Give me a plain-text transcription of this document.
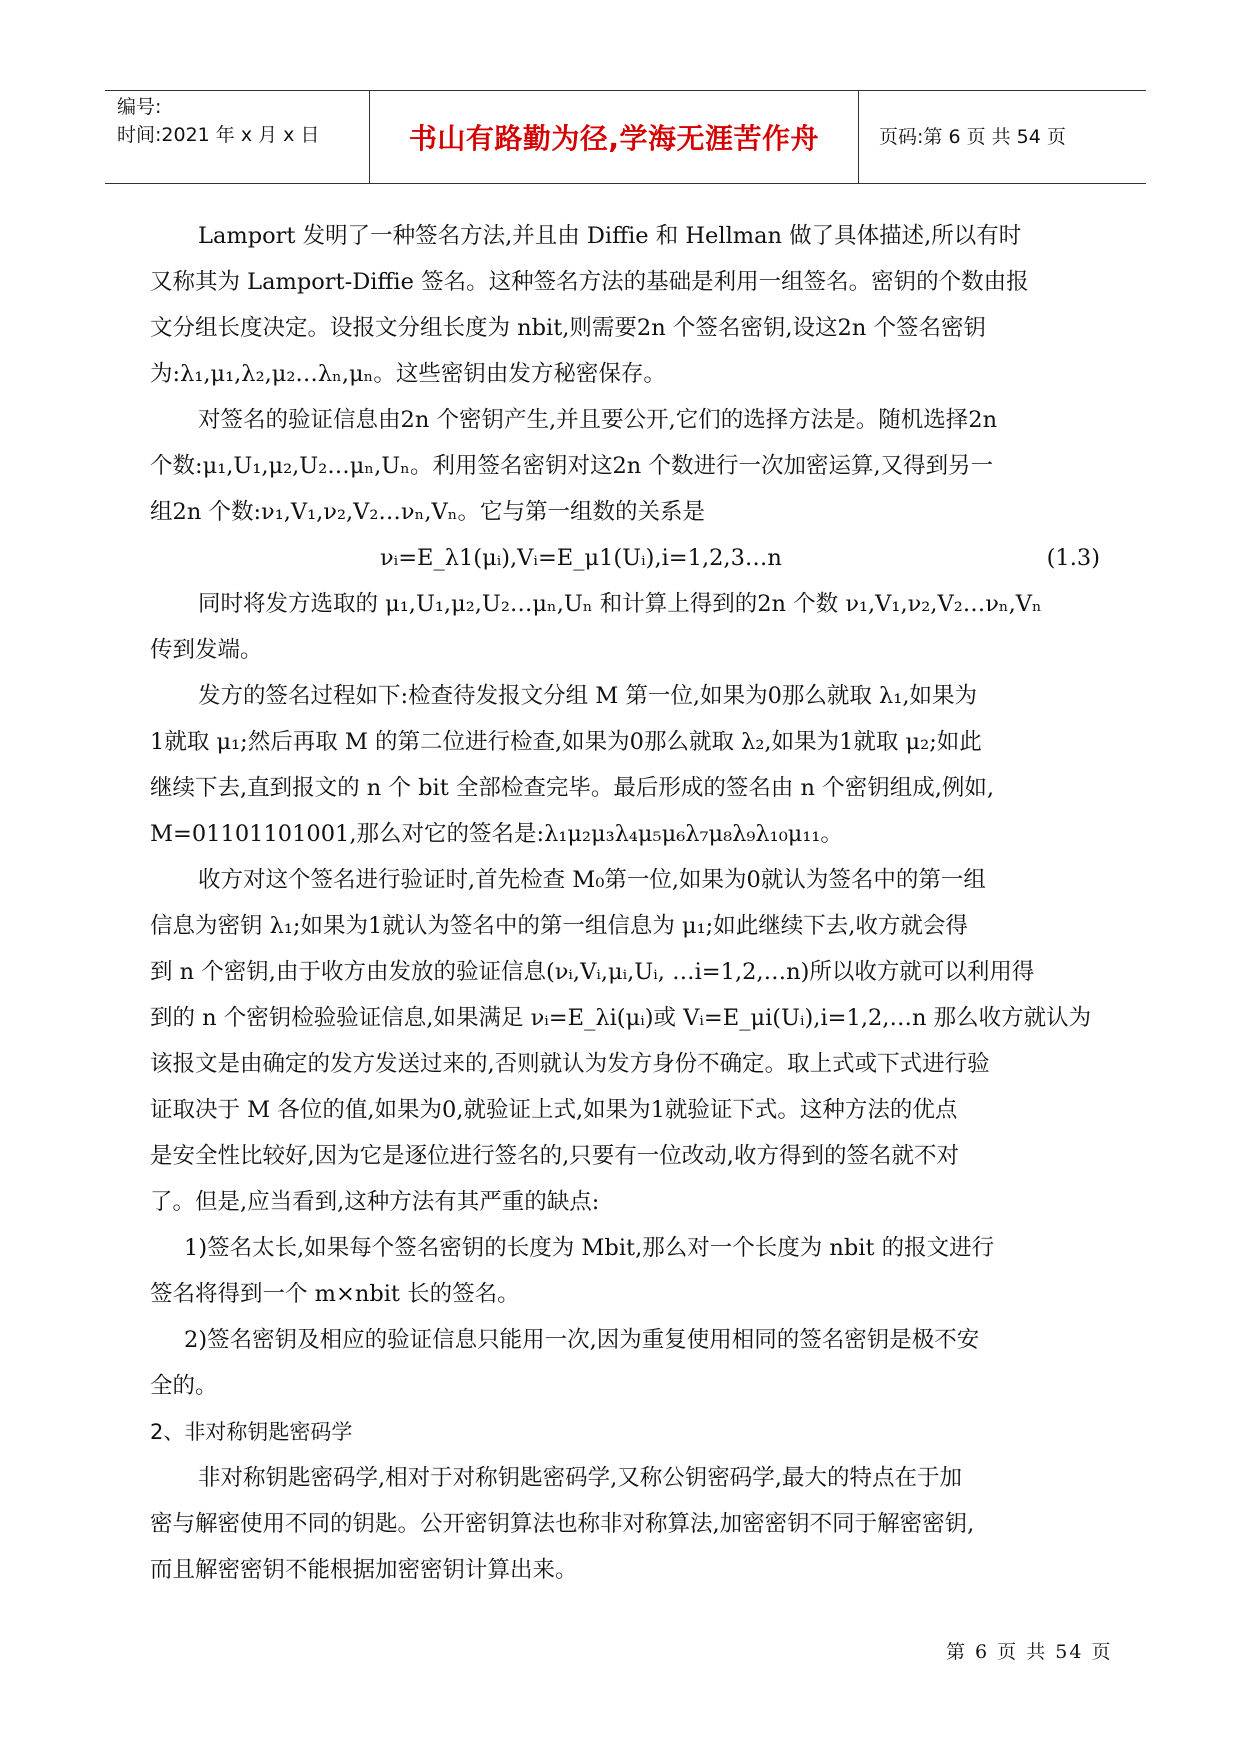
编号:
时间:2021 年 x 月 x 日	书山有路勤为径,学海无涯苦作舟	页码:第 6 页 共 54 页

Lamport 发明了一种签名方法,并且由 Diffie 和 Hellman 做了具体描述,所以有时

又称其为 Lamport-Diffie 签名。这种签名方法的基础是利用一组签名。密钥的个数由报

文分组长度决定。设报文分组长度为 nbit,则需要2n 个签名密钥,设这2n 个签名密钥

为:λ₁,μ₁,λ₂,μ₂…λₙ,μₙ。这些密钥由发方秘密保存。

对签名的验证信息由2n 个密钥产生,并且要公开,它们的选择方法是。随机选择2n

个数:μ₁,U₁,μ₂,U₂…μₙ,Uₙ。利用签名密钥对这2n 个数进行一次加密运算,又得到另一

组2n 个数:ν₁,V₁,ν₂,V₂…νₙ,Vₙ。它与第一组数的关系是

νᵢ=E_λ1(μᵢ),Vᵢ=E_μ1(Uᵢ),i=1,2,3…n	(1.3)

同时将发方选取的 μ₁,U₁,μ₂,U₂…μₙ,Uₙ 和计算上得到的2n 个数 ν₁,V₁,ν₂,V₂…νₙ,Vₙ

传到发端。

发方的签名过程如下:检查待发报文分组 M 第一位,如果为0那么就取 λ₁,如果为

1就取 μ₁;然后再取 M 的第二位进行检查,如果为0那么就取 λ₂,如果为1就取 μ₂;如此

继续下去,直到报文的 n 个 bit 全部检查完毕。最后形成的签名由 n 个密钥组成,例如,

M=01101101001,那么对它的签名是:λ₁μ₂μ₃λ₄μ₅μ₆λ₇μ₈λ₉λ₁₀μ₁₁。

收方对这个签名进行验证时,首先检查 M₀第一位,如果为0就认为签名中的第一组

信息为密钥 λ₁;如果为1就认为签名中的第一组信息为 μ₁;如此继续下去,收方就会得

到 n 个密钥,由于收方由发放的验证信息(νᵢ,Vᵢ,μᵢ,Uᵢ, …i=1,2,…n)所以收方就可以利用得

到的 n 个密钥检验验证信息,如果满足 νᵢ=E_λi(μᵢ)或 Vᵢ=E_μi(Uᵢ),i=1,2,…n 那么收方就认为

该报文是由确定的发方发送过来的,否则就认为发方身份不确定。取上式或下式进行验

证取决于 M 各位的值,如果为0,就验证上式,如果为1就验证下式。这种方法的优点

是安全性比较好,因为它是逐位进行签名的,只要有一位改动,收方得到的签名就不对

了。但是,应当看到,这种方法有其严重的缺点:

1)签名太长,如果每个签名密钥的长度为 Mbit,那么对一个长度为 nbit 的报文进行

签名将得到一个 m×nbit 长的签名。

2)签名密钥及相应的验证信息只能用一次,因为重复使用相同的签名密钥是极不安

全的。

2、非对称钥匙密码学

非对称钥匙密码学,相对于对称钥匙密码学,又称公钥密码学,最大的特点在于加

密与解密使用不同的钥匙。公开密钥算法也称非对称算法,加密密钥不同于解密密钥,

而且解密密钥不能根据加密密钥计算出来。

第 6 页 共 54 页
